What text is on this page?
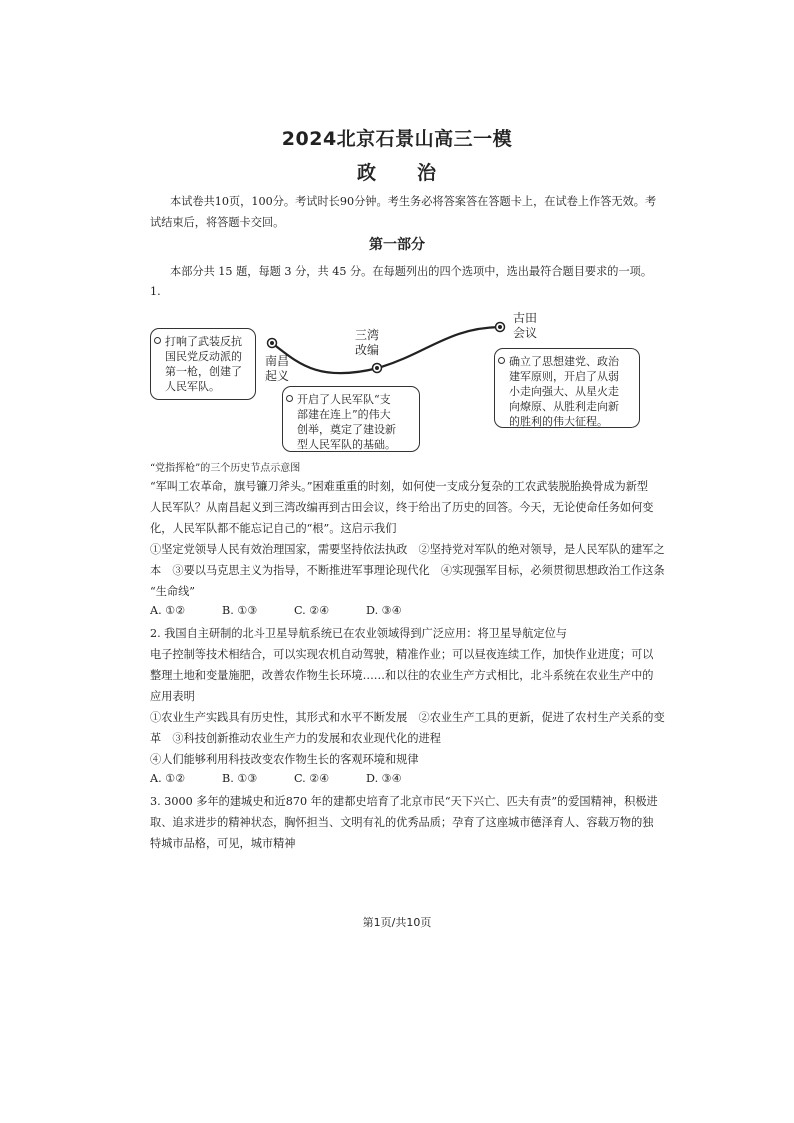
2024北京石景山高三一模
政　　治
本试卷共10页，100分。考试时长90分钟。考生务必将答案答在答题卡上，在试卷上作答无效。考
试结束后，将答题卡交回。
第一部分
本部分共 15 题，每题 3 分，共 45 分。在每题列出的四个选项中，选出最符合题目要求的一项。
1.
南昌
起义
三湾
改编
古田
会议
打响了武装反抗
国民党反动派的
第一枪，创建了
人民军队。
开启了人民军队“支
部建在连上”的伟大
创举，奠定了建设新
型人民军队的基础。
确立了思想建党、政治
建军原则，开启了从弱
小走向强大、从星火走
向燎原、从胜利走向新
的胜利的伟大征程。
“党指挥枪”的三个历史节点示意图
“军叫工农革命，旗号镰刀斧头。”困难重重的时刻，如何使一支成分复杂的工农武装脱胎换骨成为新型
人民军队？从南昌起义到三湾改编再到古田会议，终于给出了历史的回答。今天，无论使命任务如何变
化，人民军队都不能忘记自己的“根”。这启示我们
①坚定党领导人民有效治理国家，需要坚持依法执政　②坚持党对军队的绝对领导，是人民军队的建军之
本　③要以马克思主义为指导，不断推进军事理论现代化　④实现强军目标，必须贯彻思想政治工作这条
“生命线”
A. ①②	B. ①③	C. ②④	D. ③④
2. 我国自主研制的北斗卫星导航系统已在农业领域得到广泛应用：将卫星导航定位与
电子控制等技术相结合，可以实现农机自动驾驶，精准作业；可以昼夜连续工作，加快作业进度；可以
整理土地和变量施肥，改善农作物生长环境……和以往的农业生产方式相比，北斗系统在农业生产中的
应用表明
①农业生产实践具有历史性，其形式和水平不断发展　②农业生产工具的更新，促进了农村生产关系的变
革　③科技创新推动农业生产力的发展和农业现代化的进程
④人们能够利用科技改变农作物生长的客观环境和规律
A. ①②	B. ①③	C. ②④	D. ③④
3. 3000 多年的建城史和近870 年的建都史培育了北京市民“天下兴亡、匹夫有责”的爱国精神，积极进
取、追求进步的精神状态，胸怀担当、文明有礼的优秀品质；孕育了这座城市德泽育人、容载万物的独
特城市品格，可见，城市精神
第1页/共10页
